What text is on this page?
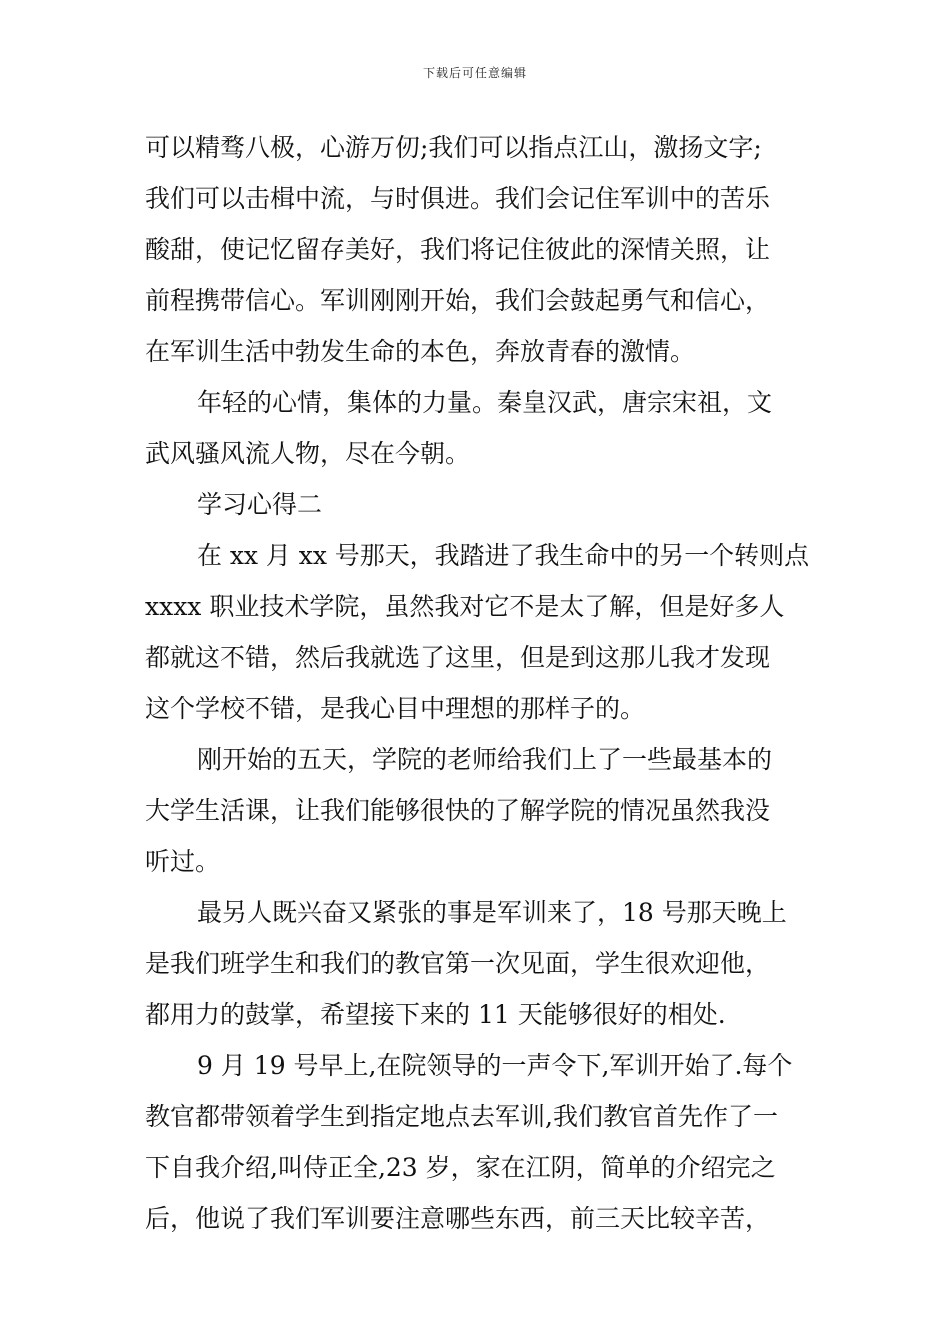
下载后可任意编辑
可以精骛八极，心游万仞;我们可以指点江山，激扬文字;
我们可以击楫中流，与时俱进。我们会记住军训中的苦乐
酸甜，使记忆留存美好，我们将记住彼此的深情关照，让
前程携带信心。军训刚刚开始，我们会鼓起勇气和信心，
在军训生活中勃发生命的本色，奔放青春的激情。
年轻的心情，集体的力量。秦皇汉武，唐宗宋祖，文
武风骚风流人物，尽在今朝。
学习心得二
在 xx 月 xx 号那天，我踏进了我生命中的另一个转则点
xxxx 职业技术学院，虽然我对它不是太了解，但是好多人
都就这不错，然后我就选了这里，但是到这那儿我才发现
这个学校不错，是我心目中理想的那样子的。
刚开始的五天，学院的老师给我们上了一些最基本的
大学生活课，让我们能够很快的了解学院的情况虽然我没
听过。
最另人既兴奋又紧张的事是军训来了，18 号那天晚上
是我们班学生和我们的教官第一次见面，学生很欢迎他，
都用力的鼓掌，希望接下来的 11 天能够很好的相处.
9 月 19 号早上,在院领导的一声令下,军训开始了.每个
教官都带领着学生到指定地点去军训,我们教官首先作了一
下自我介绍,叫侍正全,23 岁，家在江阴，简单的介绍完之
后，他说了我们军训要注意哪些东西，前三天比较辛苦，
